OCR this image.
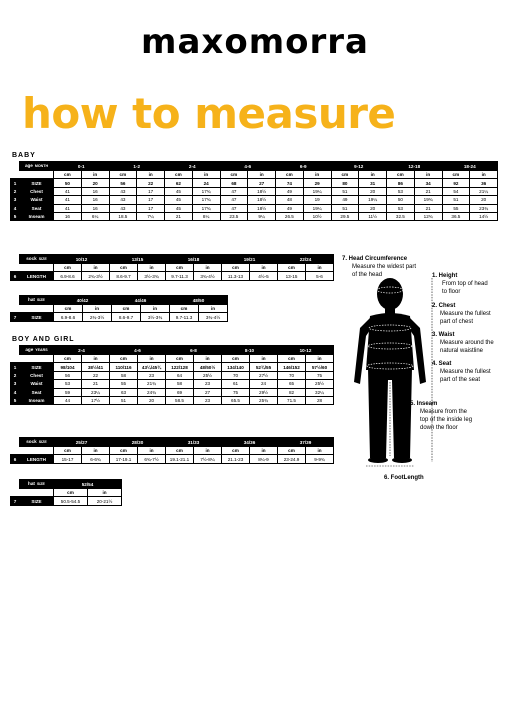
maxomorra
how to measure
BABY
	age MONTH	0-1		1-2		2-4		4-6		6-9		9-12		12-18		18-24	
		cm	in	cm	in	cm	in	cm	in	cm	in	cm	in	cm	in	cm	in
1	SIZE	50	20	56	22	62	24	68	27	74	29	80	31	86	34	92	36
2	Chest	41	16	43	17	45	17¾	47	18½	49	19¼	51	20	53	21	54	21¼
3	Waist	41	16	43	17	45	17¾	47	18½	48	19	49	19¼	50	19¾	51	20
4	Seat	41	16	43	17	45	17¾	47	18½	49	19¼	51	20	53	21	55	23¾
5	Inseam	16	6¼	18.5	7¼	21	8¼	23.5	9¼	26.5	10½	29.5	11½	32.5	12¾	36.5	14½
	sock SIZE	10/12		13/15		16/18		19/21		22/24	
		cm	in	cm	in	cm	in	cm	in	cm	in
6	LENGTH	6.9-8.6	2¾-3½	8.6-9.7	3½-3¾	9.7-11.3	3¾-4½	11.3-13	4½-5	13-15	5-6
	hat SIZE	40/42		44/46		48/50	
		cm	in	cm	in	cm	in
7	SIZE	6.9-8.6	2¾-3½	8.6-9.7	3½-3¾	9.7-11.3	3¾-4½
BOY AND GIRL
	age YEARS	2-4		4-6		6-8		8-10		10-12	
		cm	in	cm	in	cm	in	cm	in	cm	in
1	SIZE	98/104	38½/41	110/116	43¼/45¾	122/128	48/50½	134/140	52¾/55	146/152	57½/60
2	Chest	56	22	58	23	64	25½	70	27½	70	75
3	Waist	53	21	55	21¾	58	23	61	24	65	25½
4	Seat	59	23¼	63	24¾	69	27	75	29½	82	32¼
5	Inseam	44	17½	51	20	58.5	23	65.5	25¾	71.5	28
	sock SIZE	25/27		28/30		31/33		34/36		37/39	
		cm	in	cm	in	cm	in	cm	in	cm	in
6	LENGTH	15-17	6-6¾	17-19.1	6¾-7½	19.1-21.1	7½-8¼	21.1-23	8¼-9	23-24.9	9-9¾
	hat SIZE	52/54	
		cm	in
7	SIZE	50.5-54.5	20-21½
7. Head Circumference
Measure the widest part
of the head	1. Height
From top of head
to floor
2. Chest
Measure the fullest
part of chest
3. Waist
Measure around the
natural waistline
4. Seat
Measure the fullest
part of the seat
5. Inseam
Measure from the
top of the inside leg
down the floor
6. FootLength
